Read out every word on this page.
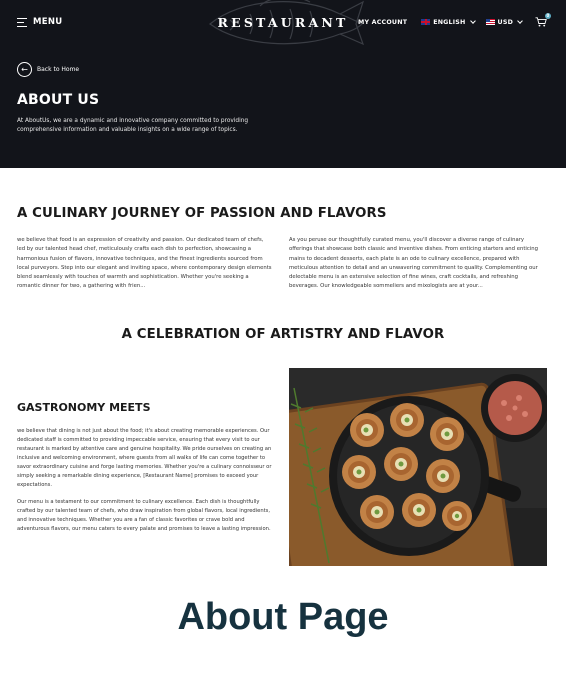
MENU	RESTAURANT	MY ACCOUNT	ENGLISH	USD
0
←	Back to Home
ABOUT US

At AboutUs, we are a dynamic and innovative company committed to providing comprehensive information and valuable insights on a wide range of topics.

A CULINARY JOURNEY OF PASSION AND FLAVORS

we believe that food is an expression of creativity and passion. Our dedicated team of chefs, led by our talented head chef, meticulously crafts each dish to perfection, showcasing a harmonious fusion of flavors, innovative techniques, and the finest ingredients sourced from local purveyors. Step into our elegant and inviting space, where contemporary design elements blend seamlessly with touches of warmth and sophistication. Whether you're seeking a romantic dinner for two, a gathering with frien...

As you peruse our thoughtfully curated menu, you'll discover a diverse range of culinary offerings that showcase both classic and inventive dishes. From enticing starters and enticing mains to decadent desserts, each plate is an ode to culinary excellence, prepared with meticulous attention to detail and an unwavering commitment to quality. Complementing our delectable menu is an extensive selection of fine wines, craft cocktails, and refreshing beverages. Our knowledgeable sommeliers and mixologists are at your...

A CELEBRATION OF ARTISTRY AND FLAVOR
GASTRONOMY MEETS

we believe that dining is not just about the food; it's about creating memorable experiences. Our dedicated staff is committed to providing impeccable service, ensuring that every visit to our restaurant is marked by attentive care and genuine hospitality. We pride ourselves on creating an inclusive and welcoming environment, where guests from all walks of life can come together to savor extraordinary cuisine and forge lasting memories. Whether you're a culinary connoisseur or simply seeking a remarkable dining experience, [Restaurant Name] promises to exceed your expectations.

Our menu is a testament to our commitment to culinary excellence. Each dish is thoughtfully crafted by our talented team of chefs, who draw inspiration from global flavors, local ingredients, and innovative techniques. Whether you are a fan of classic favorites or crave bold and adventurous flavors, our menu caters to every palate and promises to leave a lasting impression.

About Page
